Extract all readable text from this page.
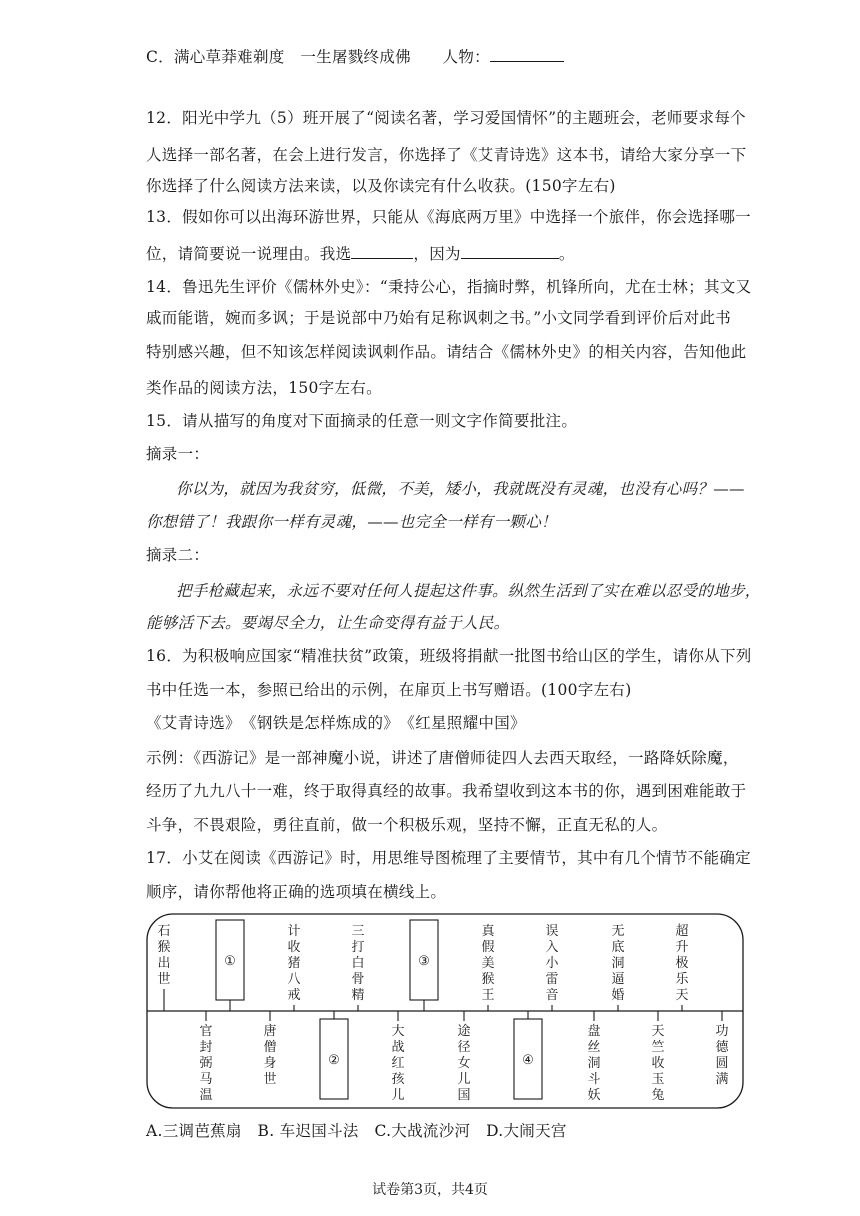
C．满心草莽难剃度　一生屠戮终成佛　　人物：
12．阳光中学九（5）班开展了“阅读名著，学习爱国情怀”的主题班会，老师要求每个
人选择一部名著，在会上进行发言，你选择了《艾青诗选》这本书，请给大家分享一下
你选择了什么阅读方法来读，以及你读完有什么收获。(150字左右)
13．假如你可以出海环游世界，只能从《海底两万里》中选择一个旅伴，你会选择哪一
位，请简要说一说理由。我选	，因为	。
14．鲁迅先生评价《儒林外史》：“秉持公心，指摘时弊，机锋所向，尤在士林；其文又
戚而能谐，婉而多讽；于是说部中乃始有足称讽刺之书。”小文同学看到评价后对此书
特别感兴趣，但不知该怎样阅读讽刺作品。请结合《儒林外史》的相关内容，告知他此
类作品的阅读方法，150字左右。
15．请从描写的角度对下面摘录的任意一则文字作简要批注。
摘录一：
你以为，就因为我贫穷，低微，不美，矮小，我就既没有灵魂，也没有心吗？——
你想错了！我跟你一样有灵魂，——也完全一样有一颗心！
摘录二：
把手枪藏起来，永远不要对任何人提起这件事。纵然生活到了实在难以忍受的地步，
能够活下去。要竭尽全力，让生命变得有益于人民。
16．为积极响应国家“精准扶贫”政策，班级将捐献一批图书给山区的学生，请你从下列
书中任选一本，参照已给出的示例，在扉页上书写赠语。(100字左右)
《艾青诗选》　《钢铁是怎样炼成的》　《红星照耀中国》
示例：《西游记》是一部神魔小说，讲述了唐僧师徒四人去西天取经，一路降妖除魔，
经历了九九八十一难，终于取得真经的故事。我希望收到这本书的你，遇到困难能敢于
斗争，不畏艰险，勇往直前，做一个积极乐观，坚持不懈，正直无私的人。
17．小艾在阅读《西游记》时，用思维导图梳理了主要情节，其中有几个情节不能确定
顺序，请你帮他将正确的选项填在横线上。
石
猴
出
世
①
计
收
猪
八
戒
三
打
白
骨
精
③
真
假
美
猴
王
误
入
小
雷
音
无
底
洞
逼
婚
超
升
极
乐
天
官
封
弼
马
温
唐
僧
身
世
②
大
战
红
孩
儿
途
径
女
儿
国
④
盘
丝
洞
斗
妖
天
竺
收
玉
兔
功
德
圆
满
A.三调芭蕉扇　B. 车迟国斗法　C.大战流沙河　D.大闹天宫
试卷第3页，共4页
